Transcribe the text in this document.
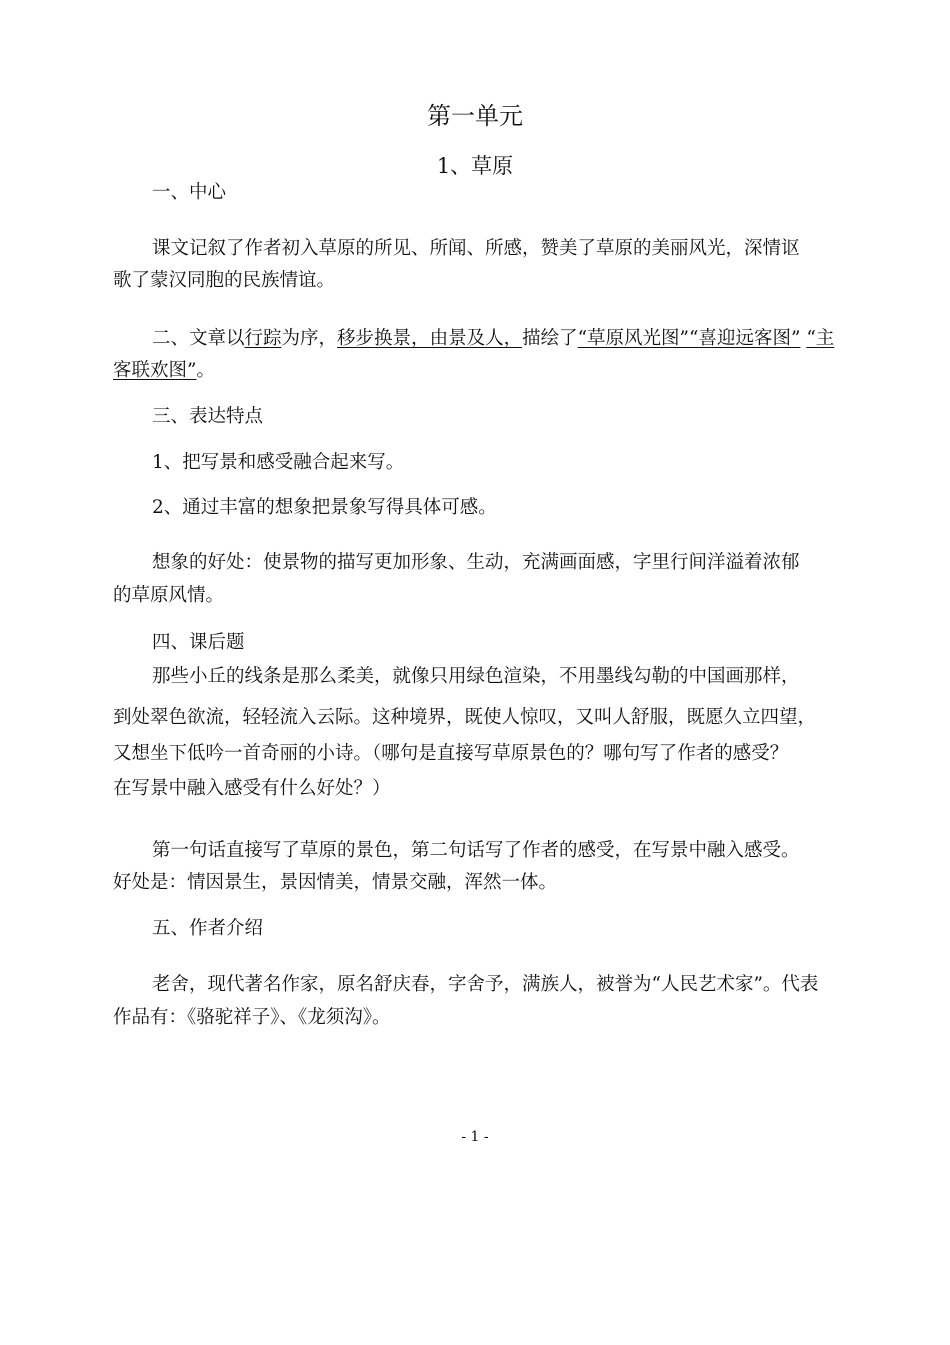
第一单元
1、草原
一、中心
课文记叙了作者初入草原的所见、所闻、所感，赞美了草原的美丽风光，深情讴
歌了蒙汉同胞的民族情谊。
二、文章以行踪为序，移步换景，由景及人，描绘了“草原风光图”“喜迎远客图” “主
客联欢图”。
三、表达特点
1、把写景和感受融合起来写。
2、通过丰富的想象把景象写得具体可感。
想象的好处：使景物的描写更加形象、生动，充满画面感，字里行间洋溢着浓郁
的草原风情。
四、课后题
那些小丘的线条是那么柔美，就像只用绿色渲染，不用墨线勾勒的中国画那样，
到处翠色欲流，轻轻流入云际。这种境界，既使人惊叹，又叫人舒服，既愿久立四望，
又想坐下低吟一首奇丽的小诗。（哪句是直接写草原景色的？哪句写了作者的感受？
在写景中融入感受有什么好处？）
第一句话直接写了草原的景色，第二句话写了作者的感受，在写景中融入感受。
好处是：情因景生，景因情美，情景交融，浑然一体。
五、作者介绍
老舍，现代著名作家，原名舒庆春，字舍予，满族人，被誉为“人民艺术家”。代表
作品有：《骆驼祥子》、《龙须沟》。
- 1 -
